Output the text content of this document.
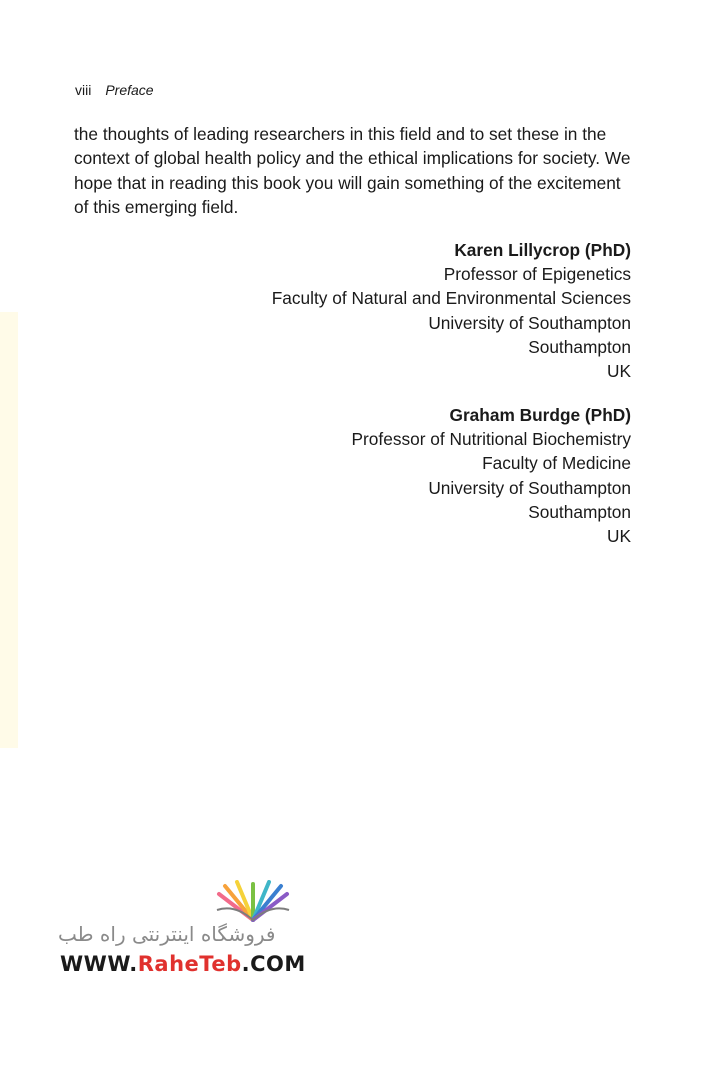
viii Preface

the thoughts of leading researchers in this field and to set these in the context of global health policy and the ethical implications for society. We hope that in reading this book you will gain something of the excitement of this emerging field.

Karen Lillycrop (PhD)
Professor of Epigenetics
Faculty of Natural and Environmental Sciences
University of Southampton
Southampton
UK
Graham Burdge (PhD)
Professor of Nutritional Biochemistry
Faculty of Medicine
University of Southampton
Southampton
UK
فروشگاه اینترنتی راه طب
WWW.RaheTeb.COM
